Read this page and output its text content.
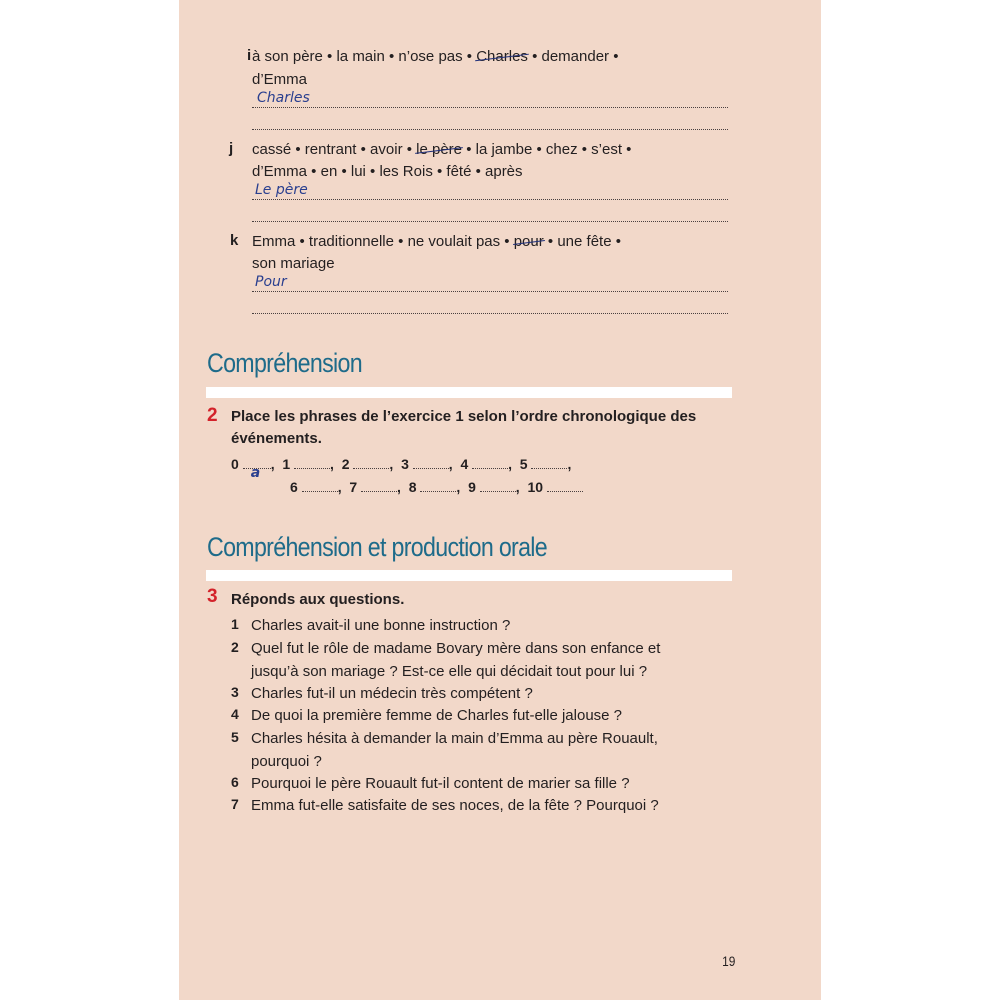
i à son père • la main • n’ose pas • Charles • demander •
d’Emma
Charles
j cassé • rentrant • avoir • le père • la jambe • chez • s’est •
d’Emma • en • lui • les Rois • fêté • après
Le père
k Emma • traditionnelle • ne voulait pas • pour • une fête •
son mariage
Pour
Compréhension
2 Place les phrases de l’exercice 1 selon l’ordre chronologique des
événements.
0
a
,  1	,  2	,  3	,  4	,  5	,
6	,  7	,  8	,  9	,  10
Compréhension et production orale
3 Réponds aux questions.
1 Charles avait-il une bonne instruction ?
2 Quel fut le rôle de madame Bovary mère dans son enfance et
jusqu’à son mariage ? Est-ce elle qui décidait tout pour lui ?
3 Charles fut-il un médecin très compétent ?
4 De quoi la première femme de Charles fut-elle jalouse ?
5 Charles hésita à demander la main d’Emma au père Rouault,
pourquoi ?
6 Pourquoi le père Rouault fut-il content de marier sa fille ?
7 Emma fut-elle satisfaite de ses noces, de la fête ? Pourquoi ?
19
